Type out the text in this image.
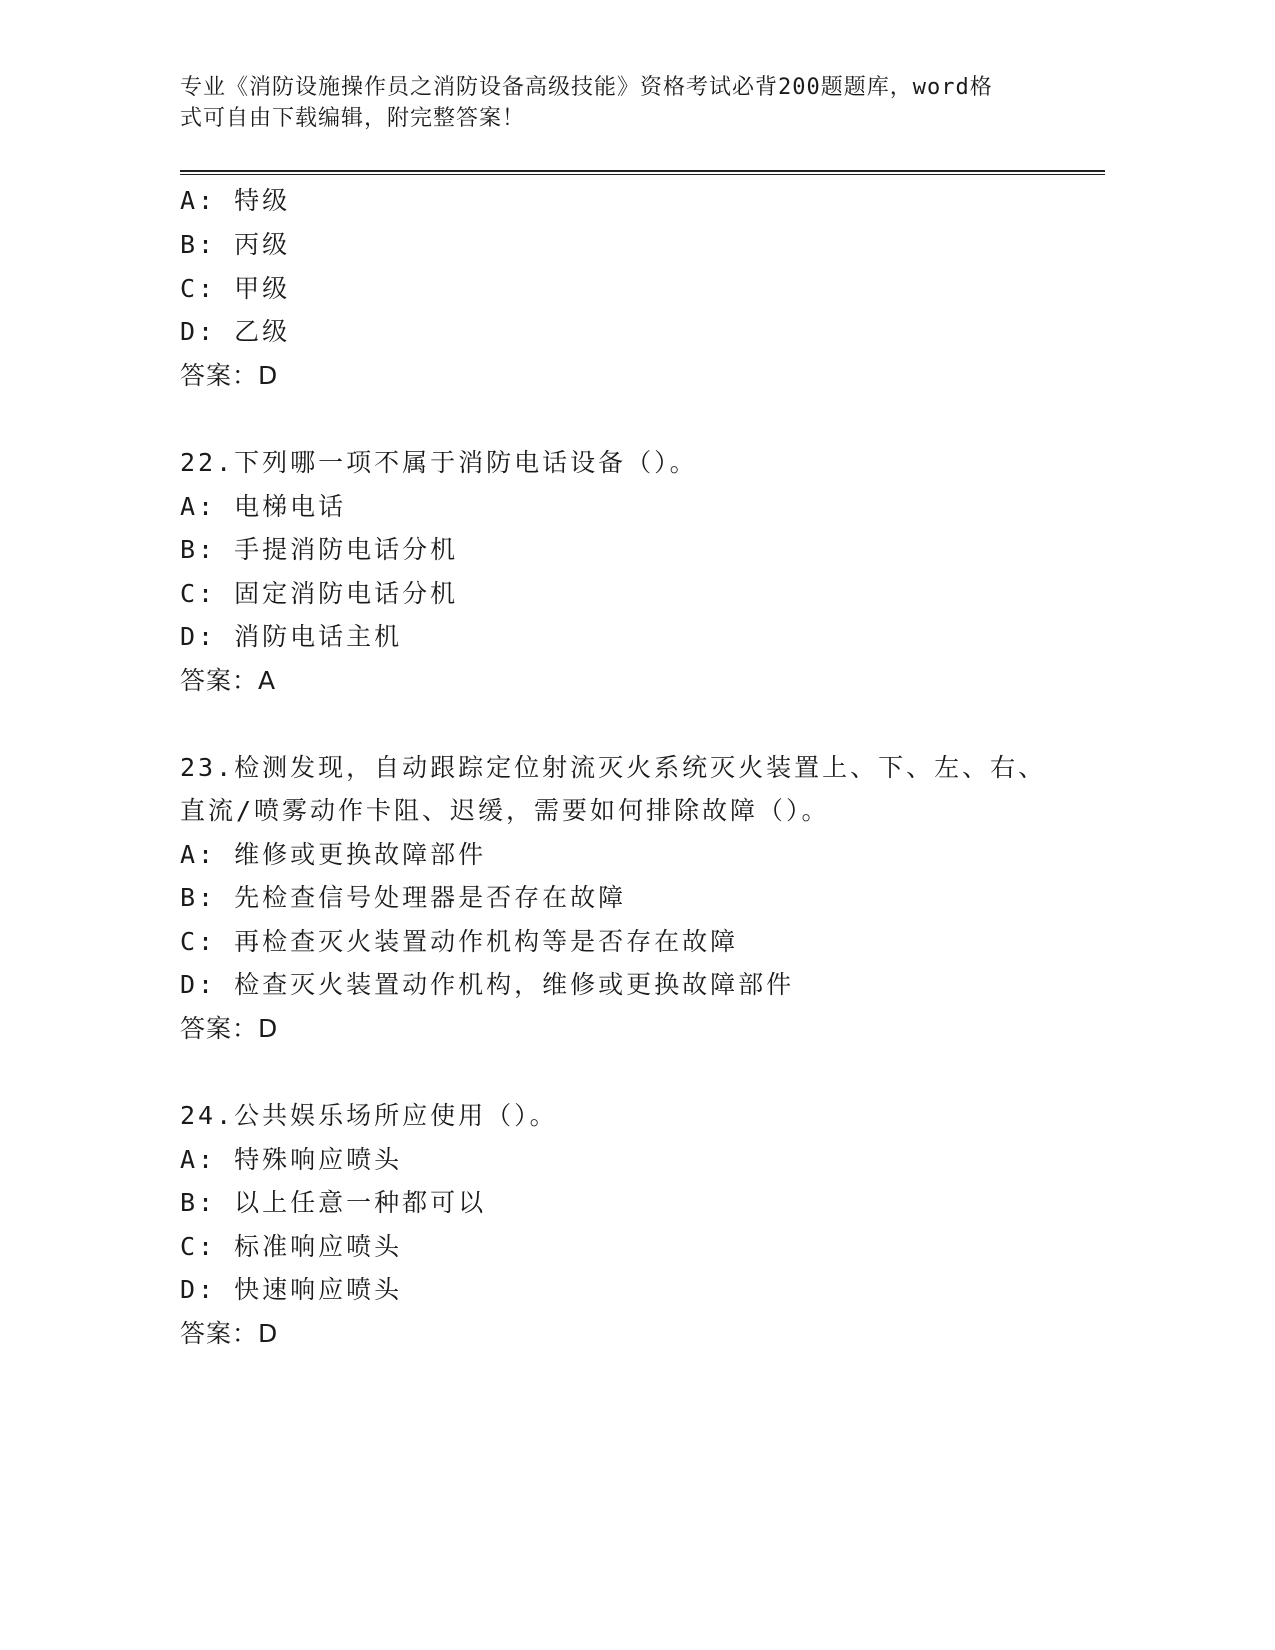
专业《消防设施操作员之消防设备高级技能》资格考试必背200题题库，word格
式可自由下载编辑，附完整答案！
A: 特级
B: 丙级
C: 甲级
D: 乙级
答案：D
22.下列哪一项不属于消防电话设备（）。
A: 电梯电话
B: 手提消防电话分机
C: 固定消防电话分机
D: 消防电话主机
答案：A
23.检测发现，自动跟踪定位射流灭火系统灭火装置上、下、左、右、
直流/喷雾动作卡阻、迟缓，需要如何排除故障（）。
A: 维修或更换故障部件
B: 先检查信号处理器是否存在故障
C: 再检查灭火装置动作机构等是否存在故障
D: 检查灭火装置动作机构，维修或更换故障部件
答案：D
24.公共娱乐场所应使用（）。
A: 特殊响应喷头
B: 以上任意一种都可以
C: 标准响应喷头
D: 快速响应喷头
答案：D
